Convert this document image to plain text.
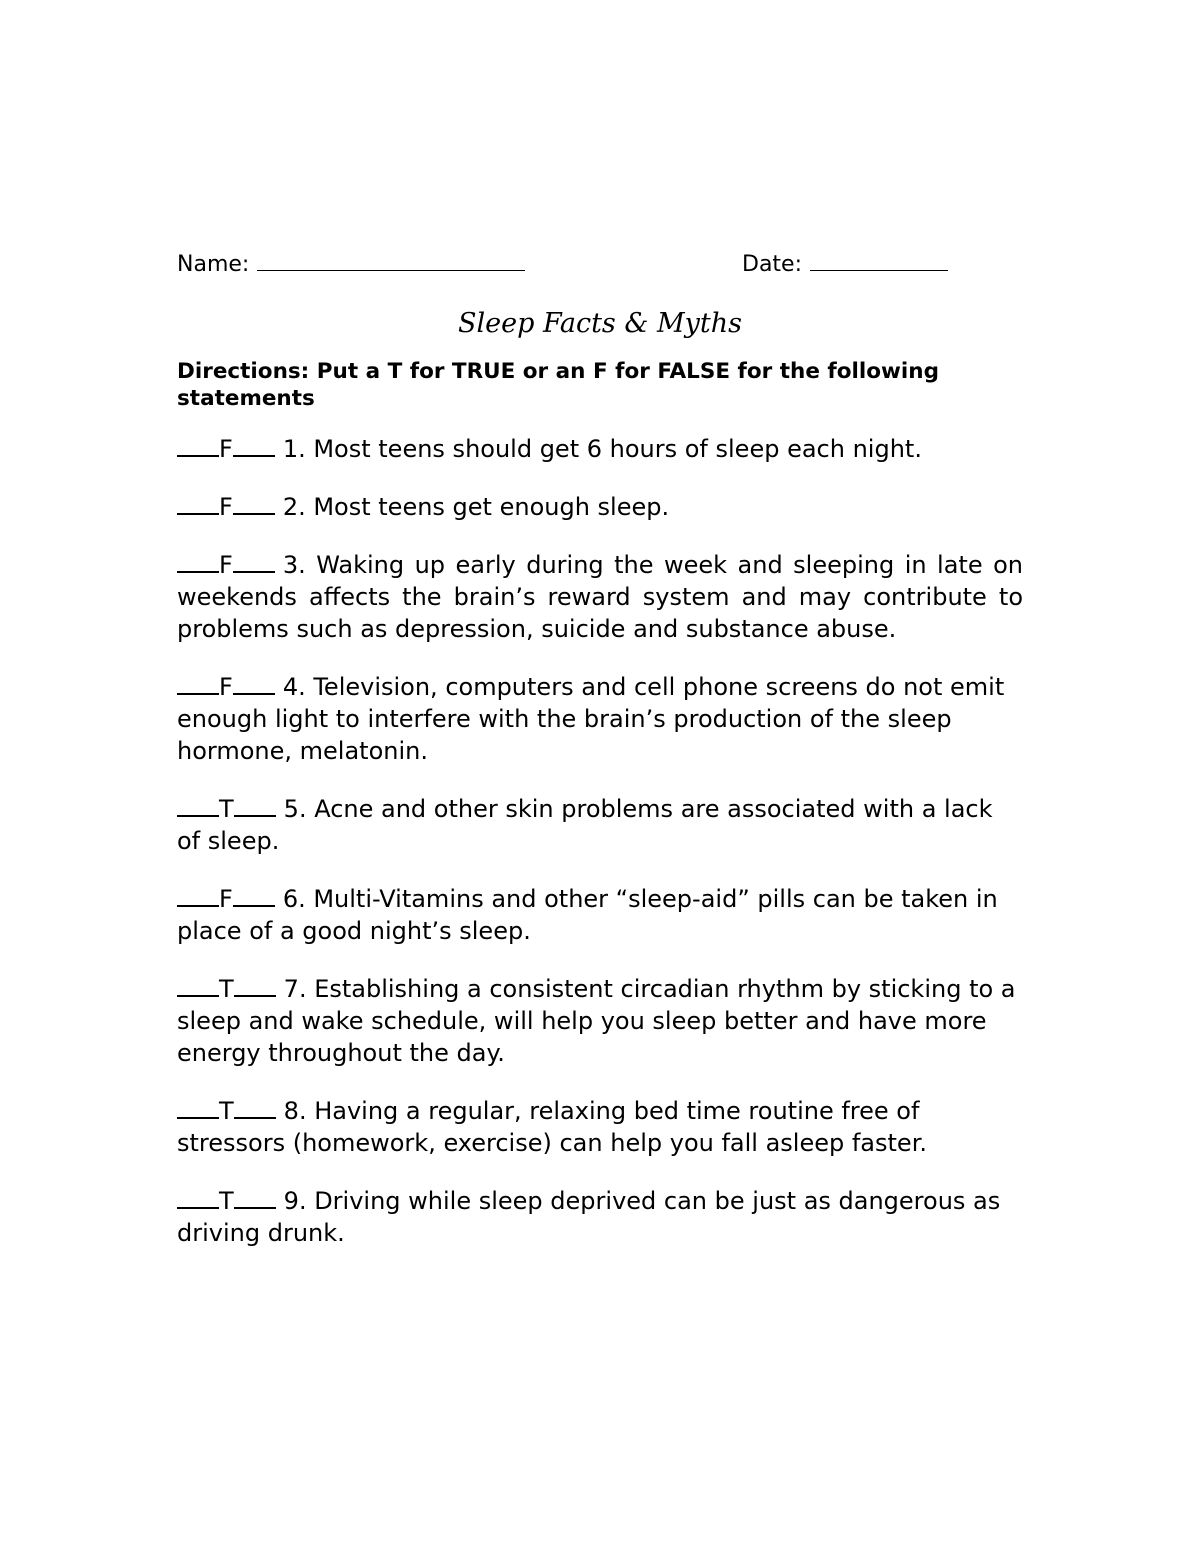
Name:	Date:
Sleep Facts & Myths
Directions: Put a T for TRUE or an F for FALSE for the following statements
F 1. Most teens should get 6 hours of sleep each night.
F 2. Most teens get enough sleep.
F 3. Waking up early during the week and sleeping in late on weekends affects the brain’s reward system and may contribute to problems such as depression, suicide and substance abuse.
F 4. Television, computers and cell phone screens do not emit enough light to interfere with the brain’s production of the sleep hormone, melatonin.
T 5. Acne and other skin problems are associated with a lack of sleep.
F 6. Multi-Vitamins and other “sleep-aid” pills can be taken in place of a good night’s sleep.
T 7. Establishing a consistent circadian rhythm by sticking to a sleep and wake schedule, will help you sleep better and have more energy throughout the day.
T 8. Having a regular, relaxing bed time routine free of stressors (homework, exercise) can help you fall asleep faster.
T 9. Driving while sleep deprived can be just as dangerous as driving drunk.
